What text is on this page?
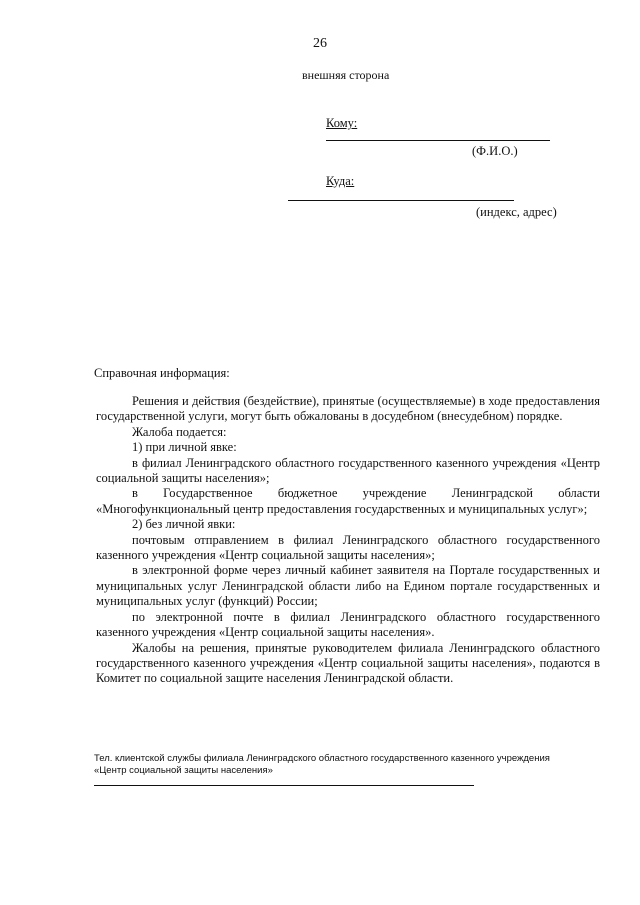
26
внешняя сторона
Кому:
(Ф.И.О.)
Куда:
(индекс, адрес)
Справочная информация:

Решения и действия (бездействие), принятые (осуществляемые) в ходе предоставления государственной услуги, могут быть обжалованы в досудебном (внесудебном) порядке.

Жалоба подается:

1) при личной явке:

в филиал Ленинградского областного государственного казенного учреждения «Центр социальной защиты населения»;

в Государственное бюджетное учреждение Ленинградской области «Многофункциональный центр предоставления государственных и муниципальных услуг»;

2) без личной явки:

почтовым отправлением в филиал Ленинградского областного государственного казенного учреждения «Центр социальной защиты населения»;

в электронной форме через личный кабинет заявителя на Портале государственных и муниципальных услуг Ленинградской области либо на Едином портале государственных и муниципальных услуг (функций) России;

по электронной почте в филиал Ленинградского областного государственного казенного учреждения «Центр социальной защиты населения».

Жалобы на решения, принятые руководителем филиала Ленинградского областного государственного казенного учреждения «Центр социальной защиты населения», подаются в Комитет по социальной защите населения Ленинградской области.

Тел. клиентской службы филиала Ленинградского областного государственного казенного учреждения «Центр социальной защиты населения»
